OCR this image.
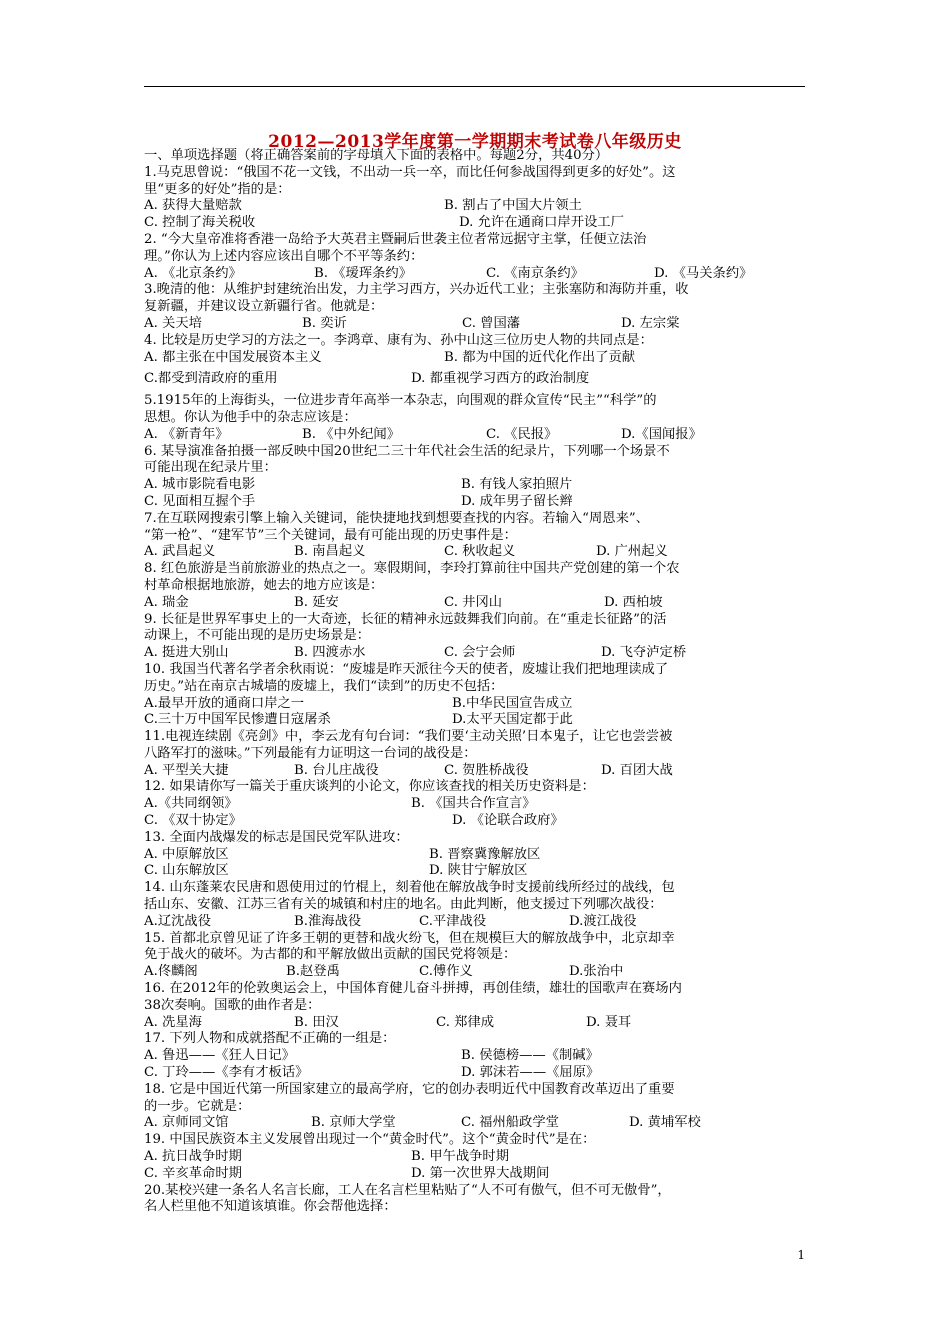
2012—2013学年度第一学期期末考试卷八年级历史
一、单项选择题（将正确答案前的字母填入下面的表格中。每题2分，共40分）
1.马克思曾说：“俄国不花一文钱，不出动一兵一卒，而比任何参战国得到更多的好处”。这
里“更多的好处”指的是：
A. 获得大量赔款	B. 割占了中国大片领土
C. 控制了海关税收	D. 允许在通商口岸开设工厂
2. “今大皇帝准将香港一岛给予大英君主暨嗣后世袭主位者常远据守主掌，任便立法治
理。”你认为上述内容应该出自哪个不平等条约：
A. 《北京条约》	B. 《瑷珲条约》	C. 《南京条约》	D. 《马关条约》
3.晚清的他：从维护封建统治出发，力主学习西方，兴办近代工业；主张塞防和海防并重，收
复新疆，并建议设立新疆行省。他就是：
A. 关天培	B. 奕䜣	C. 曾国藩	D. 左宗棠
4. 比较是历史学习的方法之一。李鸿章、康有为、孙中山这三位历史人物的共同点是：
A. 都主张在中国发展资本主义	B. 都为中国的近代化作出了贡献
C.都受到清政府的重用	D. 都重视学习西方的政治制度
5.1915年的上海街头，一位进步青年高举一本杂志，向围观的群众宣传“民主”“科学”的
思想。你认为他手中的杂志应该是：
A. 《新青年》	B. 《中外纪闻》	C. 《民报》	D.《国闻报》
6. 某导演准备拍摄一部反映中国20世纪二三十年代社会生活的纪录片，下列哪一个场景不
可能出现在纪录片里：
A. 城市影院看电影	B. 有钱人家拍照片
C. 见面相互握个手	D. 成年男子留长辫
7.在互联网搜索引擎上输入关键词，能快捷地找到想要查找的内容。若输入“周恩来”、
“第一枪”、“建军节”三个关键词，最有可能出现的历史事件是：
A. 武昌起义	B. 南昌起义	C. 秋收起义	D. 广州起义
8. 红色旅游是当前旅游业的热点之一。寒假期间，李玲打算前往中国共产党创建的第一个农
村革命根据地旅游，她去的地方应该是：
A. 瑞金	B. 延安	C. 井冈山	D. 西柏坡
9. 长征是世界军事史上的一大奇迹，长征的精神永远鼓舞我们向前。在“重走长征路”的活
动课上，不可能出现的是历史场景是：
A. 挺进大别山	B. 四渡赤水	C. 会宁会师	D. 飞夺泸定桥
10. 我国当代著名学者余秋雨说：“废墟是昨天派往今天的使者，废墟让我们把地理读成了
历史。”站在南京古城墙的废墟上，我们“读到”的历史不包括：
A.最早开放的通商口岸之一	B.中华民国宣告成立
C.三十万中国军民惨遭日寇屠杀	D.太平天国定都于此
11.电视连续剧《亮剑》中，李云龙有句台词：“我们要‘主动关照’日本鬼子，让它也尝尝被
八路军打的滋味。”下列最能有力证明这一台词的战役是：
A. 平型关大捷	B. 台儿庄战役	C. 贺胜桥战役	D. 百团大战
12. 如果请你写一篇关于重庆谈判的小论文，你应该查找的相关历史资料是：
A.《共同纲领》	B. 《国共合作宣言》
C. 《双十协定》	D. 《论联合政府》
13. 全面内战爆发的标志是国民党军队进攻：
A. 中原解放区	B. 晋察冀豫解放区
C. 山东解放区	D. 陕甘宁解放区
14. 山东蓬莱农民唐和恩使用过的竹棍上，刻着他在解放战争时支援前线所经过的战线，包
括山东、安徽、江苏三省有关的城镇和村庄的地名。由此判断，他支援过下列哪次战役：
A.辽沈战役	B.淮海战役	C.平津战役	D.渡江战役
15. 首都北京曾见证了许多王朝的更替和战火纷飞，但在规模巨大的解放战争中，北京却幸
免于战火的破坏。为古都的和平解放做出贡献的国民党将领是：
A.佟麟阁	B.赵登禹	C.傅作义	D.张治中
16. 在2012年的伦敦奥运会上，中国体育健儿奋斗拼搏，再创佳绩，雄壮的国歌声在赛场内
38次奏响。国歌的曲作者是：
A. 冼星海	B. 田汉	C. 郑律成	D. 聂耳
17. 下列人物和成就搭配不正确的一组是：
A. 鲁迅——《狂人日记》	B. 侯德榜——《制碱》
C. 丁玲——《李有才板话》	D. 郭沫若——《屈原》
18. 它是中国近代第一所国家建立的最高学府，它的创办表明近代中国教育改革迈出了重要
的一步。它就是：
A. 京师同文馆	B. 京师大学堂	C. 福州船政学堂	D. 黄埔军校
19. 中国民族资本主义发展曾出现过一个“黄金时代”。这个“黄金时代”是在：
A. 抗日战争时期	B. 甲午战争时期
C. 辛亥革命时期	D. 第一次世界大战期间
20.某校兴建一条名人名言长廊，工人在名言栏里粘贴了“人不可有傲气，但不可无傲骨”，
名人栏里他不知道该填谁。你会帮他选择：
1
